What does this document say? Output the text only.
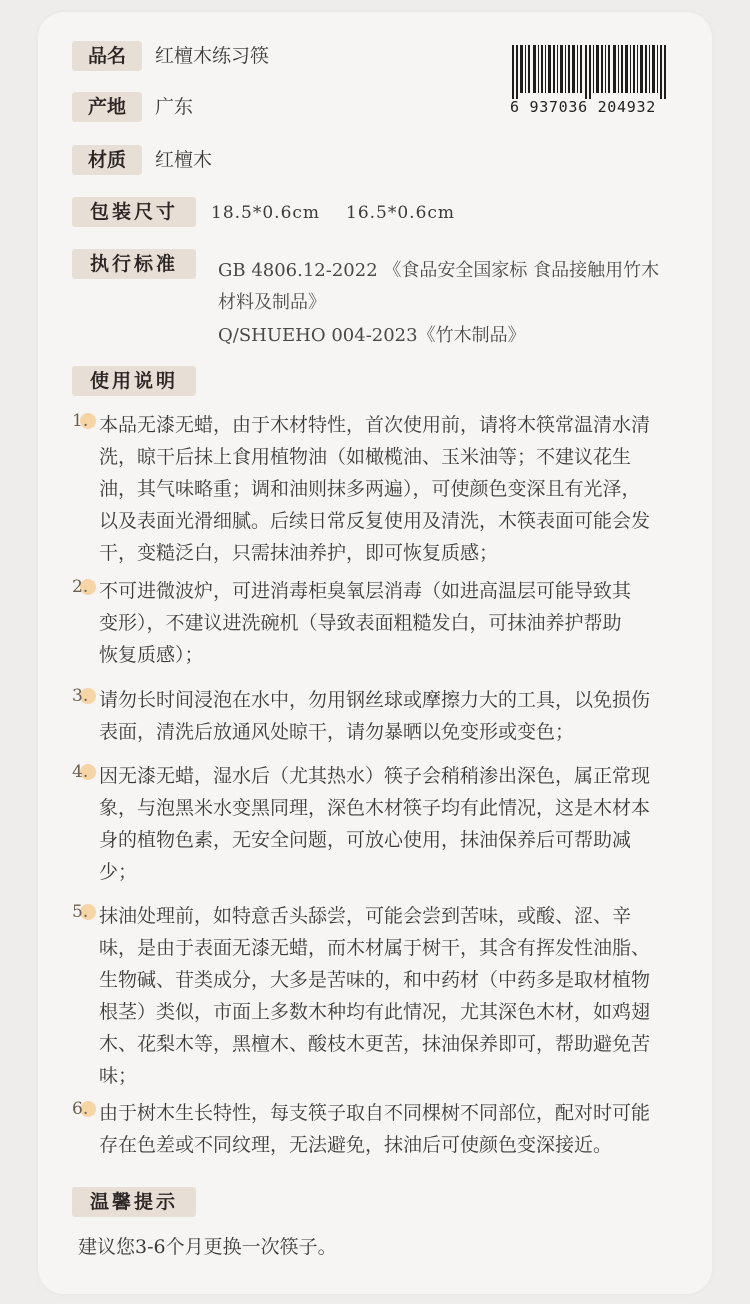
品名	红檀木练习筷
产地	广东
材质	红檀木
包装尺寸	18.5*0.6cm 16.5*0.6cm
执行标准	GB 4806.12-2022 《食品安全国家标 食品接触用竹木
材料及制品》
Q/SHUEHO 004-2023《竹木制品》
6 937036 204932
使用说明
1. 本品无漆无蜡，由于木材特性，首次使用前，请将木筷常温清水清
洗，晾干后抹上食用植物油（如橄榄油、玉米油等；不建议花生
油，其气味略重；调和油则抹多两遍），可使颜色变深且有光泽，
以及表面光滑细腻。后续日常反复使用及清洗，木筷表面可能会发
干，变糙泛白，只需抹油养护，即可恢复质感；
2. 不可进微波炉，可进消毒柜臭氧层消毒（如进高温层可能导致其
变形），不建议进洗碗机（导致表面粗糙发白，可抹油养护帮助
恢复质感）；
3. 请勿长时间浸泡在水中，勿用钢丝球或摩擦力大的工具，以免损伤
表面，清洗后放通风处晾干，请勿暴晒以免变形或变色；
4. 因无漆无蜡，湿水后（尤其热水）筷子会稍稍渗出深色，属正常现
象，与泡黑米水变黑同理，深色木材筷子均有此情况，这是木材本
身的植物色素，无安全问题，可放心使用，抹油保养后可帮助减
少；
5. 抹油处理前，如特意舌头舔尝，可能会尝到苦味，或酸、涩、辛
味，是由于表面无漆无蜡，而木材属于树干，其含有挥发性油脂、
生物碱、苷类成分，大多是苦味的，和中药材（中药多是取材植物
根茎）类似，市面上多数木种均有此情况，尤其深色木材，如鸡翅
木、花梨木等，黑檀木、酸枝木更苦，抹油保养即可，帮助避免苦
味；
6. 由于树木生长特性，每支筷子取自不同棵树不同部位，配对时可能
存在色差或不同纹理，无法避免，抹油后可使颜色变深接近。
温馨提示
建议您3-6个月更换一次筷子。
